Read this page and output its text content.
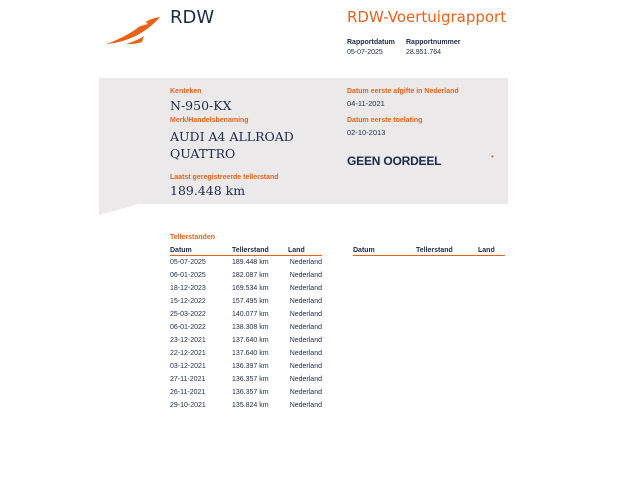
RDW	RDW-Voertuigrapport
Rapportdatum
05-07-2025
Rapportnummer
28.951.764
Kenteken
N-950-KX
Merk/Handelsbenaming
AUDI A4 ALLROAD
QUATTRO
Laatst geregistreerde tellerstand
189.448 km
Datum eerste afgifte in Nederland
04-11-2021
Datum eerste toelating
02-10-2013
GEEN OORDEEL	•
Tellerstanden
Datum	Tellerstand	Land
05-07-2025	189.448 km	Nederland
06-01-2025	182.087 km	Nederland
18-12-2023	169.534 km	Nederland
15-12-2022	157.495 km	Nederland
25-03-2022	140.077 km	Nederland
06-01-2022	138.308 km	Nederland
23-12-2021	137.640 km	Nederland
22-12-2021	137.640 km	Nederland
03-12-2021	136.397 km	Nederland
27-11-2021	136.357 km	Nederland
26-11-2021	136.357 km	Nederland
29-10-2021	135.824 km	Nederland
Datum	Tellerstand	Land
